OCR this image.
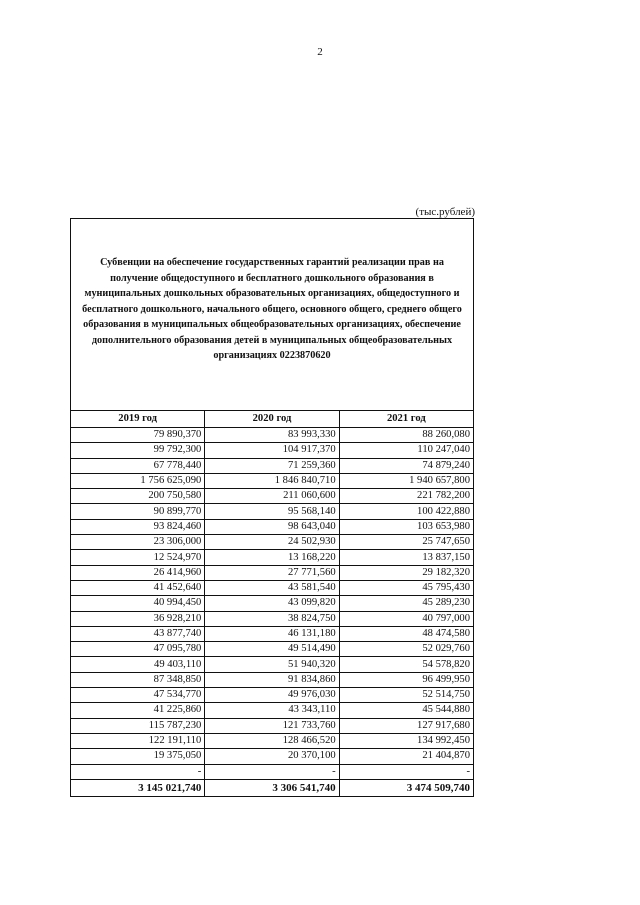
2
(тыс.рублей)
Субвенции на обеспечение государственных гарантий реализации прав на получение общедоступного и бесплатного дошкольного образования в муниципальных дошкольных образовательных организациях, общедоступного и бесплатного дошкольного, начального общего, основного общего, среднего общего образования в муниципальных общеобразовательных организациях, обеспечение дополнительного образования детей в муниципальных общеобразовательных организациях 0223870620
2019 год	2020 год	2021 год
79 890,370	83 993,330	88 260,080
99 792,300	104 917,370	110 247,040
67 778,440	71 259,360	74 879,240
1 756 625,090	1 846 840,710	1 940 657,800
200 750,580	211 060,600	221 782,200
90 899,770	95 568,140	100 422,880
93 824,460	98 643,040	103 653,980
23 306,000	24 502,930	25 747,650
12 524,970	13 168,220	13 837,150
26 414,960	27 771,560	29 182,320
41 452,640	43 581,540	45 795,430
40 994,450	43 099,820	45 289,230
36 928,210	38 824,750	40 797,000
43 877,740	46 131,180	48 474,580
47 095,780	49 514,490	52 029,760
49 403,110	51 940,320	54 578,820
87 348,850	91 834,860	96 499,950
47 534,770	49 976,030	52 514,750
41 225,860	43 343,110	45 544,880
115 787,230	121 733,760	127 917,680
122 191,110	128 466,520	134 992,450
19 375,050	20 370,100	21 404,870
-	-	-
3 145 021,740	3 306 541,740	3 474 509,740
